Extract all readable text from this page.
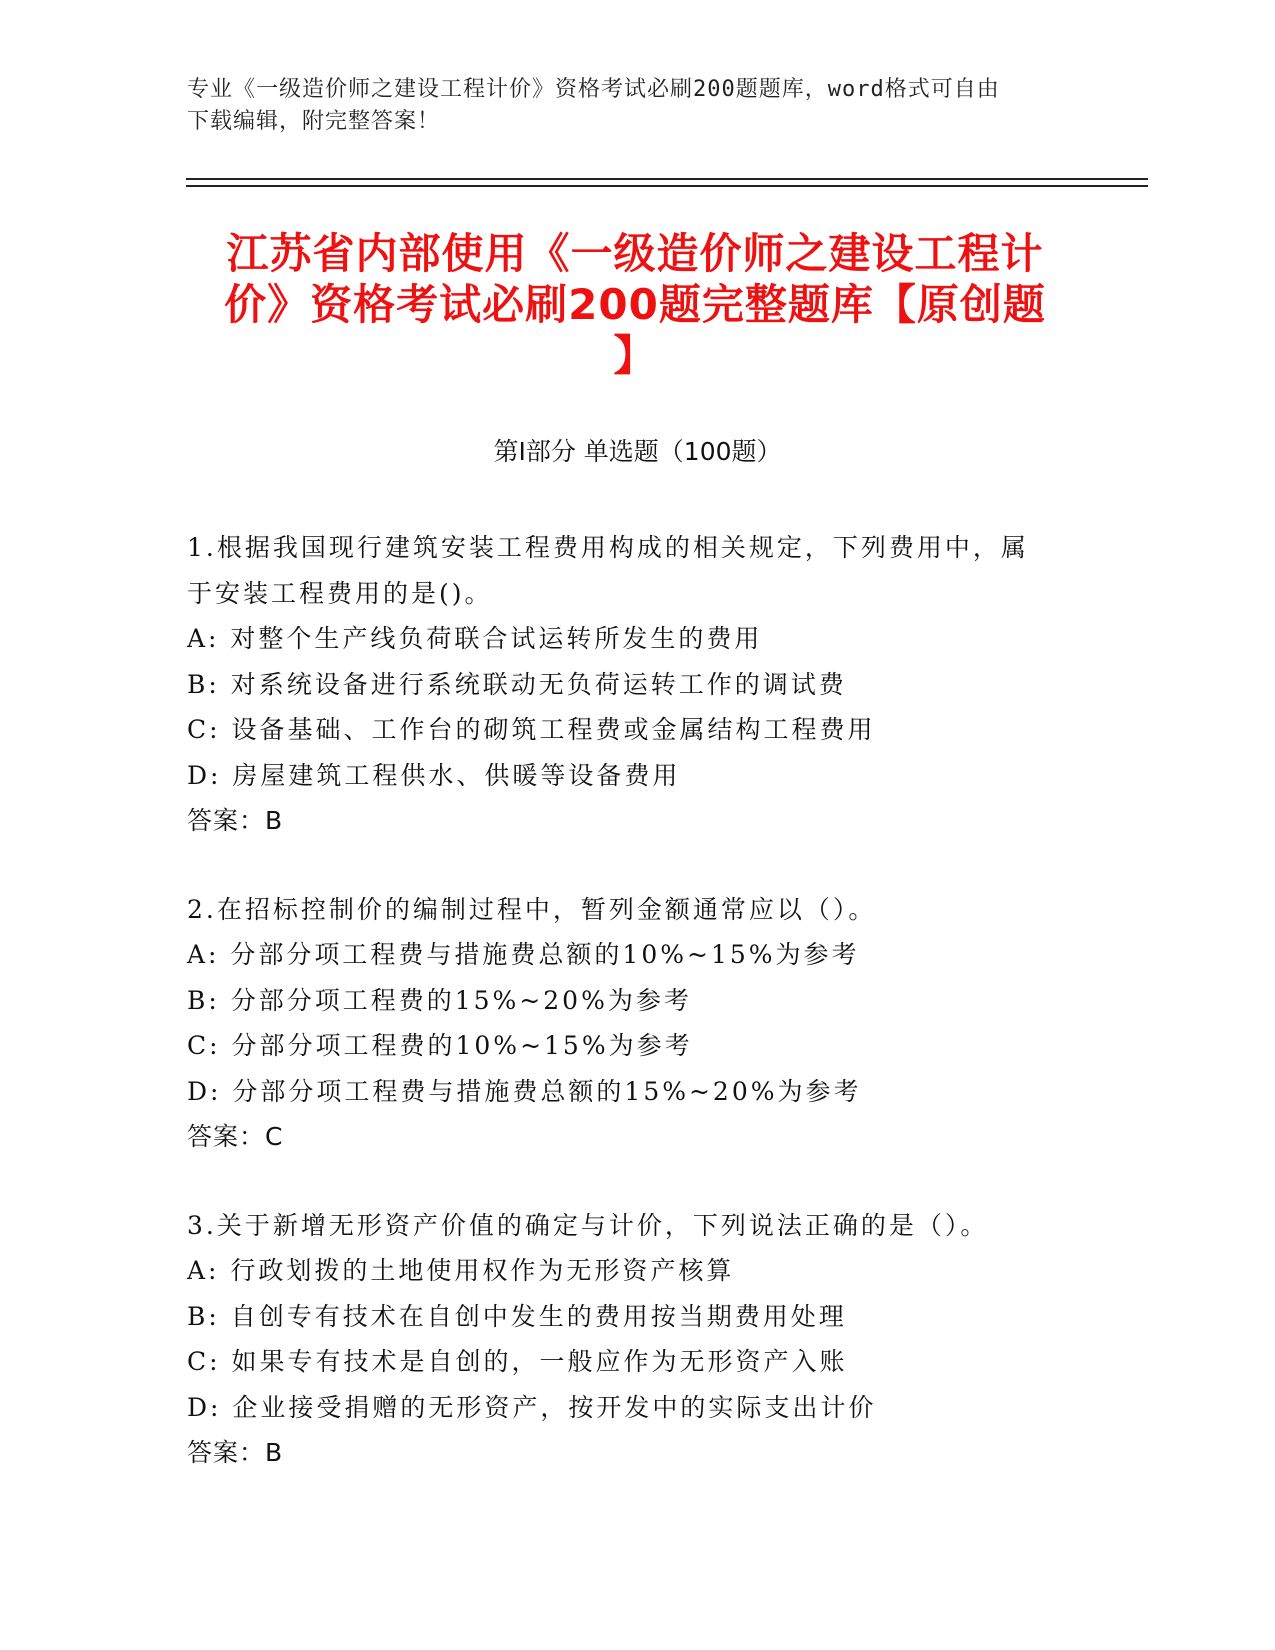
专业《一级造价师之建设工程计价》资格考试必刷200题题库，word格式可自由
下载编辑，附完整答案！
江苏省内部使用《一级造价师之建设工程计
价》资格考试必刷200题完整题库【原创题
】
第I部分 单选题（100题）
1.根据我国现行建筑安装工程费用构成的相关规定，下列费用中，属
于安装工程费用的是()。
A: 对整个生产线负荷联合试运转所发生的费用
B: 对系统设备进行系统联动无负荷运转工作的调试费
C: 设备基础、工作台的砌筑工程费或金属结构工程费用
D: 房屋建筑工程供水、供暖等设备费用
答案：B
2.在招标控制价的编制过程中，暂列金额通常应以（）。
A: 分部分项工程费与措施费总额的10%~15%为参考
B: 分部分项工程费的15%~20%为参考
C: 分部分项工程费的10%~15%为参考
D: 分部分项工程费与措施费总额的15%~20%为参考
答案：C
3.关于新增无形资产价值的确定与计价，下列说法正确的是（）。
A: 行政划拨的土地使用权作为无形资产核算
B: 自创专有技术在自创中发生的费用按当期费用处理
C: 如果专有技术是自创的，一般应作为无形资产入账
D: 企业接受捐赠的无形资产，按开发中的实际支出计价
答案：B
